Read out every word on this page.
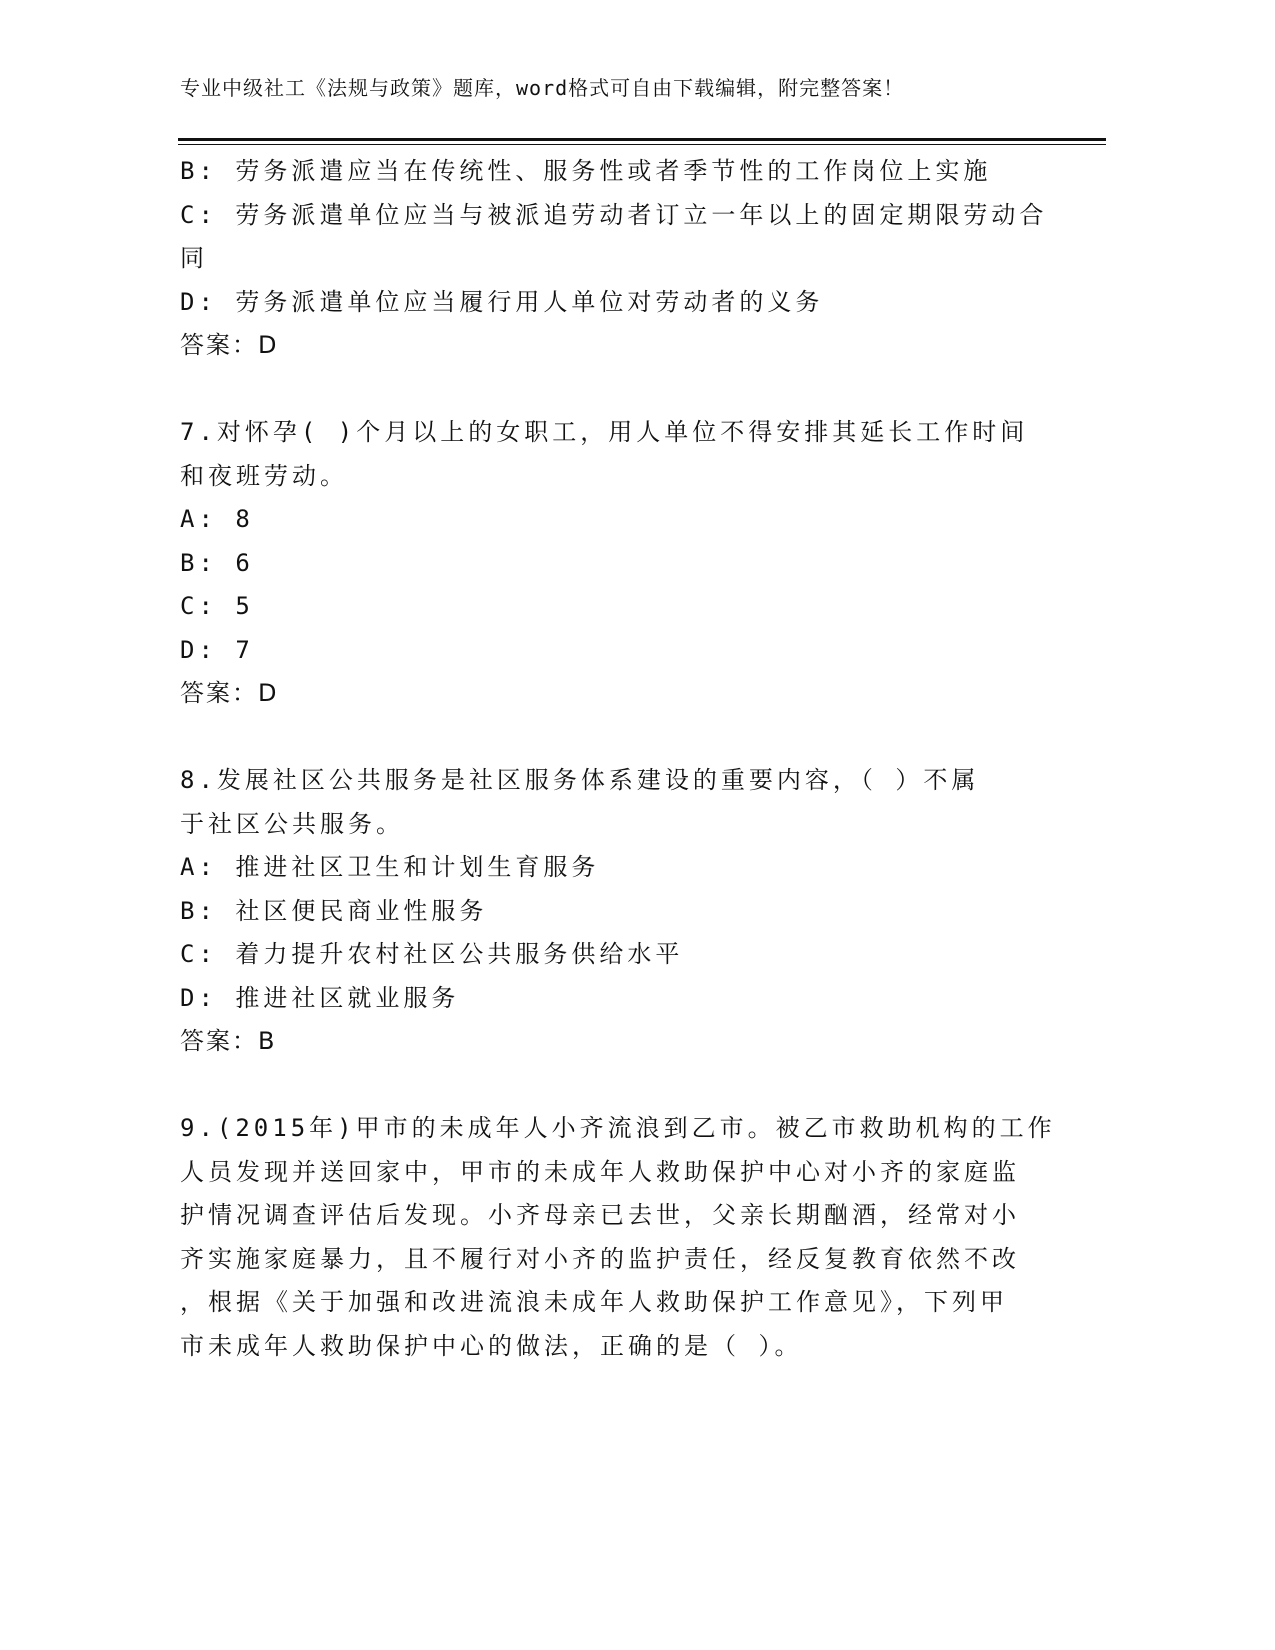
专业中级社工《法规与政策》题库，word格式可自由下载编辑，附完整答案！

B: 劳务派遣应当在传统性、服务性或者季节性的工作岗位上实施

C: 劳务派遣单位应当与被派追劳动者订立一年以上的固定期限劳动合

同

D: 劳务派遣单位应当履行用人单位对劳动者的义务

答案：D

7.对怀孕( )个月以上的女职工，用人单位不得安排其延长工作时间

和夜班劳动。

A: 8

B: 6

C: 5

D: 7

答案：D

8.发展社区公共服务是社区服务体系建设的重要内容，（ ）不属

于社区公共服务。

A: 推进社区卫生和计划生育服务

B: 社区便民商业性服务

C: 着力提升农村社区公共服务供给水平

D: 推进社区就业服务

答案：B

9.(2015年)甲市的未成年人小齐流浪到乙市。被乙市救助机构的工作

人员发现并送回家中，甲市的未成年人救助保护中心对小齐的家庭监

护情况调查评估后发现。小齐母亲已去世，父亲长期酗酒，经常对小

齐实施家庭暴力，且不履行对小齐的监护责任，经反复教育依然不改

，根据《关于加强和改进流浪未成年人救助保护工作意见》，下列甲

市未成年人救助保护中心的做法，正确的是（ ）。
